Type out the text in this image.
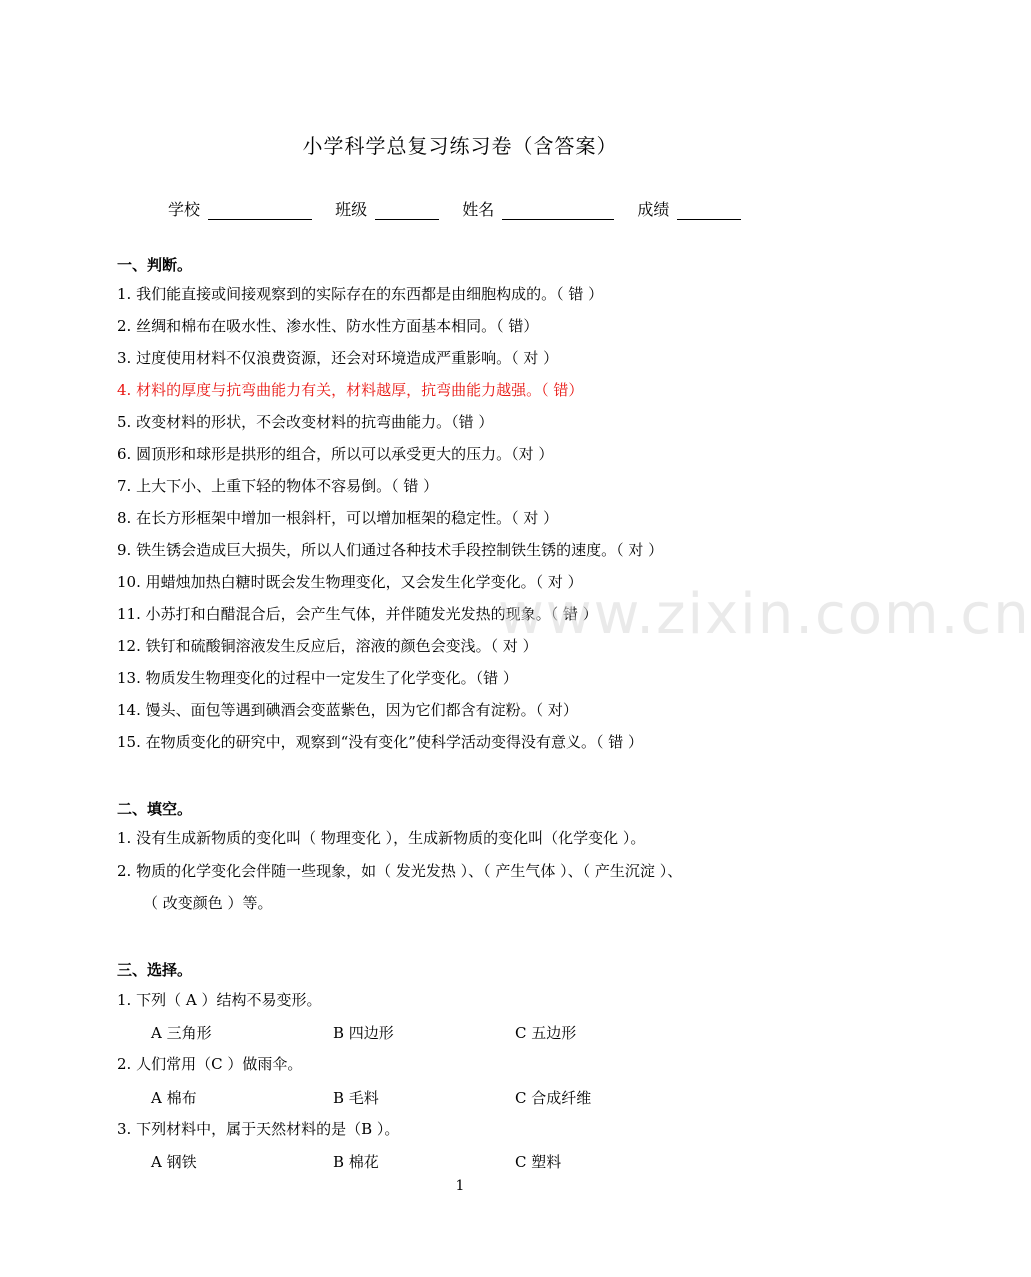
小学科学总复习练习卷（含答案）
学校	班级	姓名	成绩
一、判断。
1. 我们能直接或间接观察到的实际存在的东西都是由细胞构成的。（ 错 ）
2. 丝绸和棉布在吸水性、渗水性、防水性方面基本相同。（ 错）
3. 过度使用材料不仅浪费资源，还会对环境造成严重影响。（ 对 ）
4. 材料的厚度与抗弯曲能力有关，材料越厚，抗弯曲能力越强。（ 错）
5. 改变材料的形状，不会改变材料的抗弯曲能力。（错 ）
6. 圆顶形和球形是拱形的组合，所以可以承受更大的压力。（对 ）
7. 上大下小、上重下轻的物体不容易倒。（ 错 ）
8. 在长方形框架中增加一根斜杆，可以增加框架的稳定性。（ 对 ）
9. 铁生锈会造成巨大损失，所以人们通过各种技术手段控制铁生锈的速度。（ 对 ）
10. 用蜡烛加热白糖时既会发生物理变化，又会发生化学变化。（ 对 ）
11. 小苏打和白醋混合后，会产生气体，并伴随发光发热的现象。（ 错 ）
12. 铁钉和硫酸铜溶液发生反应后，溶液的颜色会变浅。（ 对 ）
13. 物质发生物理变化的过程中一定发生了化学变化。（错 ）
14. 馒头、面包等遇到碘酒会变蓝紫色，因为它们都含有淀粉。（ 对）
15. 在物质变化的研究中，观察到“没有变化”使科学活动变得没有意义。（ 错 ）
二、填空。
1. 没有生成新物质的变化叫（ 物理变化 ），生成新物质的变化叫（化学变化 ）。
2. 物质的化学变化会伴随一些现象，如（ 发光发热 ）、（ 产生气体 ）、（ 产生沉淀 ）、
（ 改变颜色 ）等。
三、选择。
1. 下列（ A ）结构不易变形。
A 三角形	B 四边形	C 五边形
2. 人们常用（C ）做雨伞。
A 棉布	B 毛料	C 合成纤维
3. 下列材料中，属于天然材料的是（B ）。
A 钢铁	B 棉花	C 塑料
www.zixin.com.cn
1
